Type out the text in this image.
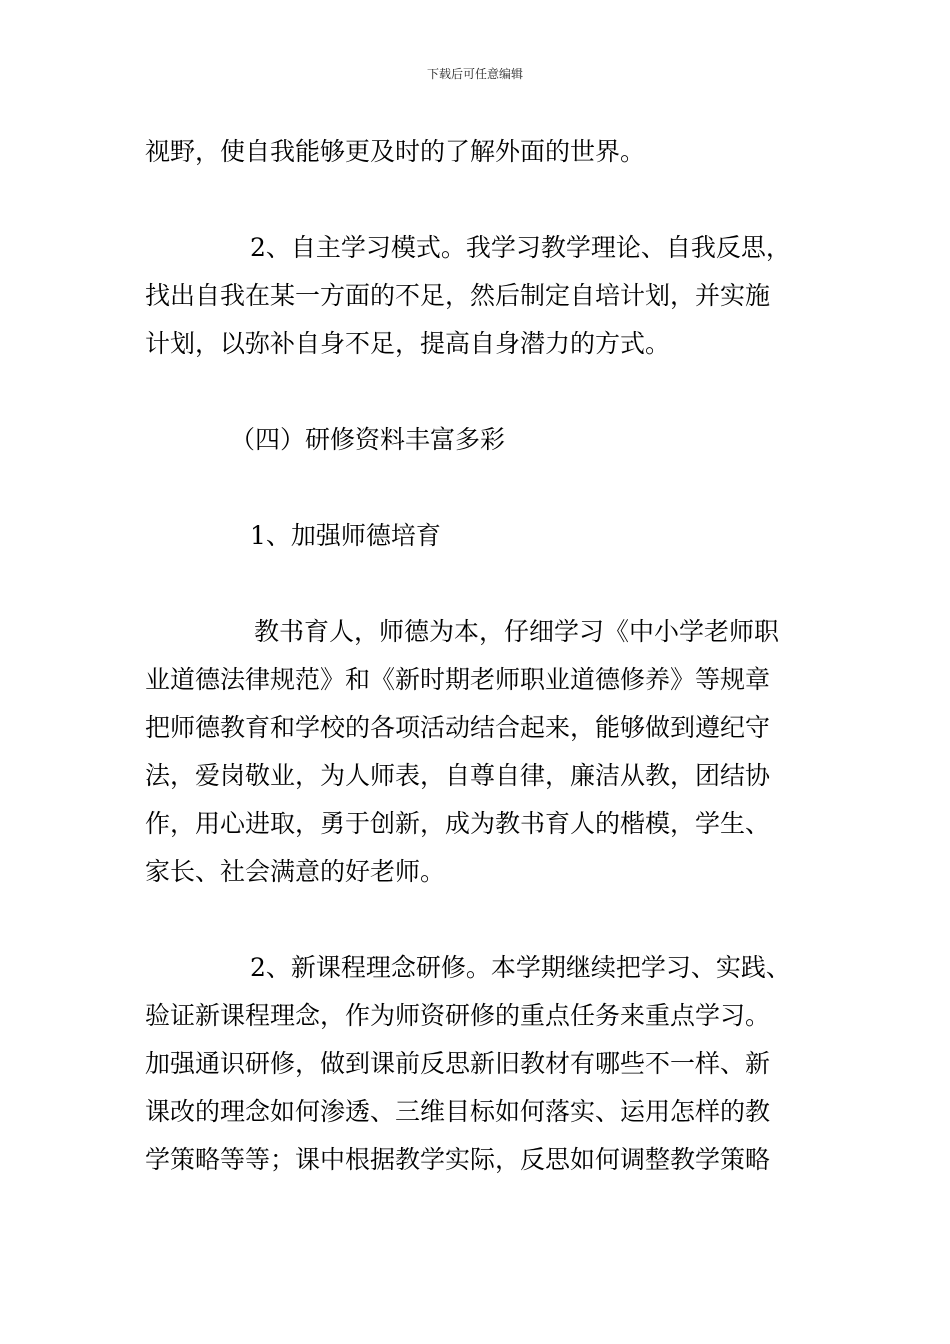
下载后可任意编辑

视野，使自我能够更及时的了解外面的世界。

2、自主学习模式。我学习教学理论、自我反思，
找出自我在某一方面的不足，然后制定自培计划，并实施
计划，以弥补自身不足，提高自身潜力的方式。

（四）研修资料丰富多彩

1、加强师德培育

教书育人，师德为本，仔细学习《中小学老师职
业道德法律规范》和《新时期老师职业道德修养》等规章
把师德教育和学校的各项活动结合起来，能够做到遵纪守
法，爱岗敬业，为人师表，自尊自律，廉洁从教，团结协
作，用心进取，勇于创新，成为教书育人的楷模，学生、
家长、社会满意的好老师。

2、新课程理念研修。本学期继续把学习、实践、
验证新课程理念，作为师资研修的重点任务来重点学习。
加强通识研修，做到课前反思新旧教材有哪些不一样、新
课改的理念如何渗透、三维目标如何落实、运用怎样的教
学策略等等；课中根据教学实际，反思如何调整教学策略
